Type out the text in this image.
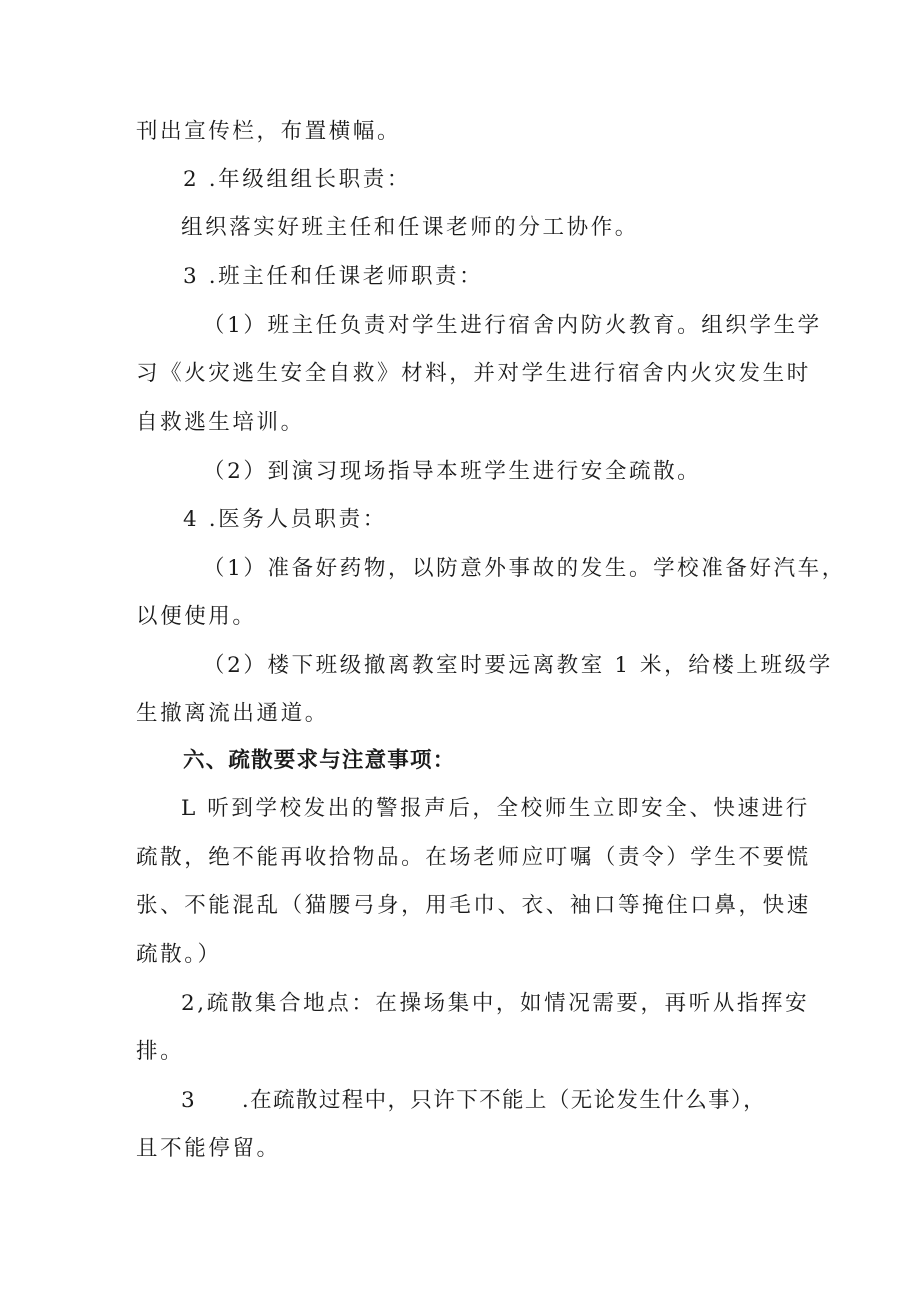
刊出宣传栏，布置横幅。
2 .年级组组长职责：
组织落实好班主任和任课老师的分工协作。
3 .班主任和任课老师职责：
（1）班主任负责对学生进行宿舍内防火教育。组织学生学
习《火灾逃生安全自救》材料，并对学生进行宿舍内火灾发生时
自救逃生培训。
（2）到演习现场指导本班学生进行安全疏散。
4 .医务人员职责：
（1）准备好药物，以防意外事故的发生。学校准备好汽车，
以便使用。
（2）楼下班级撤离教室时要远离教室 1 米，给楼上班级学
生撤离流出通道。
六、疏散要求与注意事项：
L 听到学校发出的警报声后，全校师生立即安全、快速进行
疏散，绝不能再收拾物品。在场老师应叮嘱（责令）学生不要慌
张、不能混乱（猫腰弓身，用毛巾、衣、袖口等掩住口鼻，快速
疏散。）
2,疏散集合地点：在操场集中，如情况需要，再听从指挥安
排。
3　　.在疏散过程中，只许下不能上（无论发生什么事），
且不能停留。
